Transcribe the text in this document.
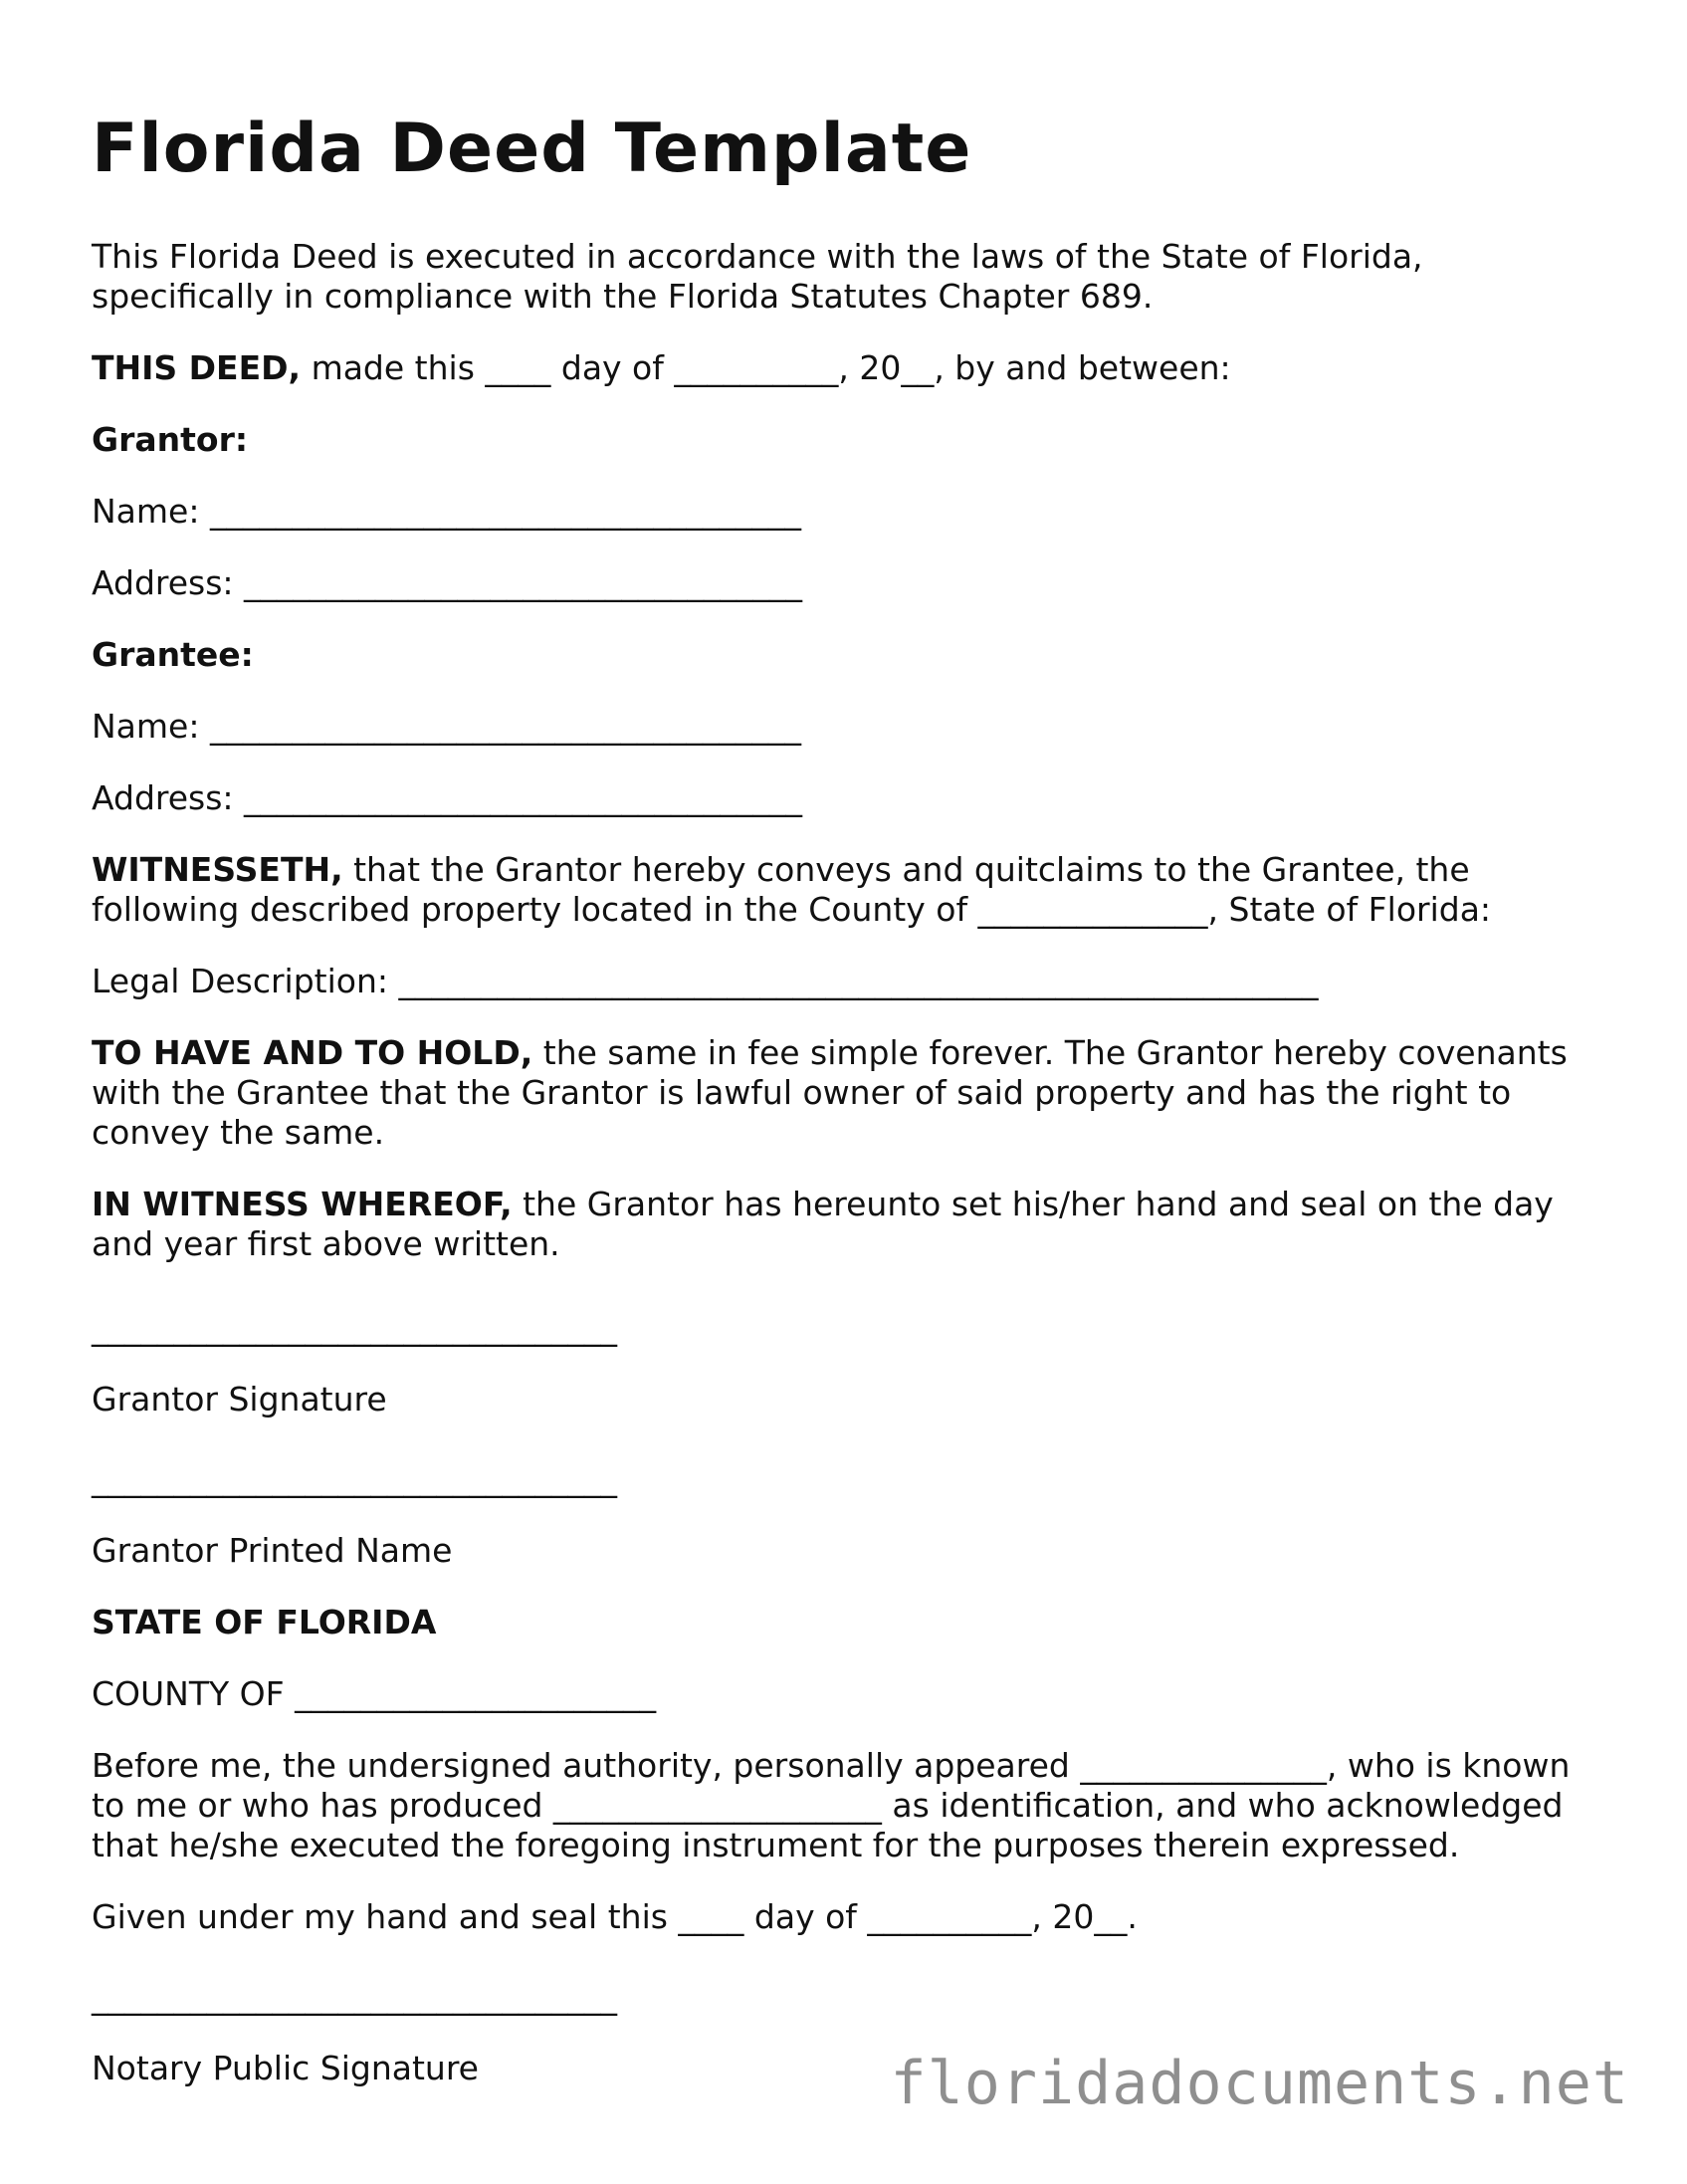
Florida Deed Template

This Florida Deed is executed in accordance with the laws of the State of Florida, specifically in compliance with the Florida Statutes Chapter 689.

THIS DEED, made this ____ day of __________, 20__, by and between:

Grantor:

Name: ____________________________________

Address: __________________________________

Grantee:

Name: ____________________________________

Address: __________________________________

WITNESSETH, that the Grantor hereby conveys and quitclaims to the Grantee, the following described property located in the County of ______________, State of Florida:

Legal Description: ________________________________________________________

TO HAVE AND TO HOLD, the same in fee simple forever. The Grantor hereby covenants with the Grantee that the Grantor is lawful owner of said property and has the right to convey the same.

IN WITNESS WHEREOF, the Grantor has hereunto set his/her hand and seal on the day and year first above written.

________________________________

Grantor Signature

________________________________

Grantor Printed Name

STATE OF FLORIDA

COUNTY OF ______________________

Before me, the undersigned authority, personally appeared _______________, who is known to me or who has produced ____________________ as identification, and who acknowledged that he/she executed the foregoing instrument for the purposes therein expressed.

Given under my hand and seal this ____ day of __________, 20__.

________________________________

Notary Public Signature	floridadocuments.net
